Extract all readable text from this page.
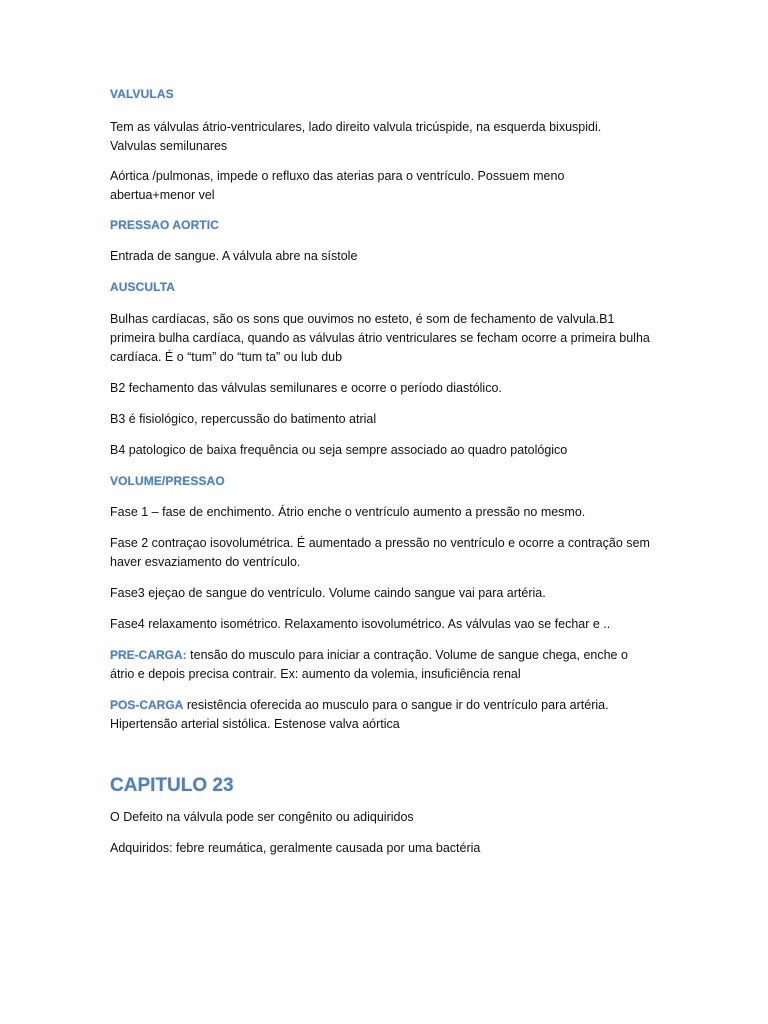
VALVULAS

Tem as válvulas átrio-ventriculares, lado direito valvula tricúspide, na esquerda bixuspidi. Valvulas semilunares

Aórtica /pulmonas, impede o refluxo das aterias para o ventrículo. Possuem meno abertua+menor vel

PRESSAO AORTIC

Entrada de sangue. A válvula abre na sístole

AUSCULTA

Bulhas cardíacas, são os sons que ouvimos no esteto, é som de fechamento de valvula.B1 primeira bulha cardíaca, quando as válvulas átrio ventriculares se fecham ocorre a primeira bulha cardíaca. É o “tum” do “tum ta” ou lub dub

B2 fechamento das válvulas semilunares e ocorre o período diastólico.

B3 é fisiológico, repercussão do batimento atrial

B4 patologico de baixa frequência ou seja sempre associado ao quadro patológico

VOLUME/PRESSAO

Fase 1 – fase de enchimento. Átrio enche o ventrículo aumento a pressão no mesmo.

Fase 2 contraçao isovolumétrica. É aumentado a pressão no ventrículo e ocorre a contração sem haver esvaziamento do ventrículo.

Fase3 ejeçao de sangue do ventrículo. Volume caindo sangue vai para artéria.

Fase4 relaxamento isométrico. Relaxamento isovolumétrico. As válvulas vao se fechar e ..

PRE-CARGA: tensão do musculo para iniciar a contração. Volume de sangue chega, enche o átrio e depois precisa contrair. Ex: aumento da volemia, insuficiência renal

POS-CARGA resistência oferecida ao musculo para o sangue ir do ventrículo para artéria. Hipertensão arterial sistólica. Estenose valva aórtica

CAPITULO 23

O Defeito na válvula pode ser congênito ou adiquiridos

Adquiridos: febre reumática, geralmente causada por uma bactéria
